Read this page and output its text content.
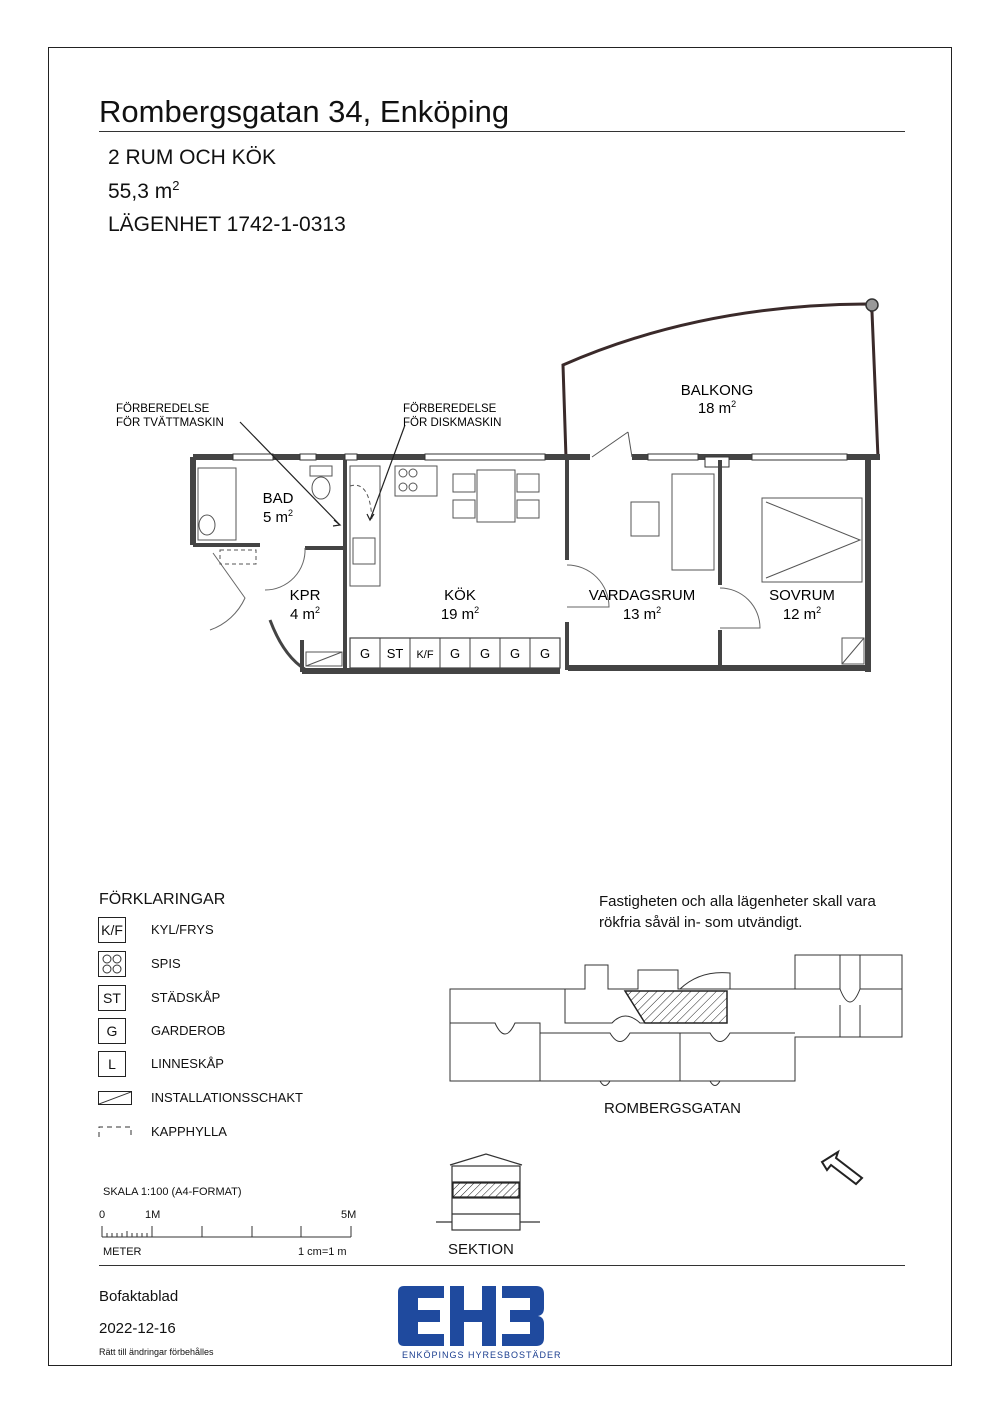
Rombergsgatan 34, Enköping
2 RUM OCH KÖK
55,3 $m^2$
LÄGENHET 1742-1-0313
G ST K/F G G G G
FÖRBEREDELSE
FÖR TVÄTTMASKIN
FÖRBEREDELSE
FÖR DISKMASKIN
BALKONG
18 $m^2$
BAD
5 $m^2$
KPR
4 $m^2$
KÖK
19 $m^2$
VARDAGSRUM
13 $m^2$
SOVRUM
12 $m^2$
FÖRKLARINGAR
K/F KYL/FRYS
SPIS
ST	STÄDSKÅP
G	GARDEROB
L	LINNESKÅP
INSTALLATIONSSCHAKT
KAPPHYLLA
Fastigheten och alla lägenheter skall vara rökfria såväl in- som utvändigt.
ROMBERGSGATAN
SEKTION
SKALA 1:100 (A4-FORMAT)
0	1M	5M
METER	1 cm=1 m
Bofaktablad
2022-12-16
Rätt till ändringar förbehålles	ENKÖPINGS HYRESBOSTÄDER
